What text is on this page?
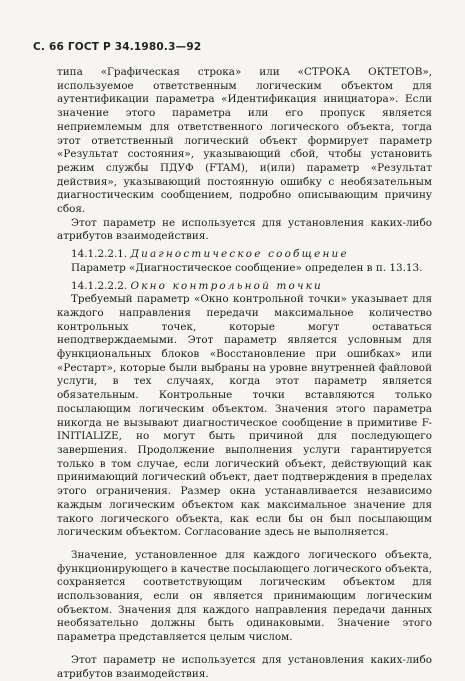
С. 66 ГОСТ Р 34.1980.3—92

типа «Графическая строка» или «СТРОКА ОКТЕТОВ», используемое ответственным логическим объектом для аутентификации параметра «Идентификация инициатора». Если значение этого параметра или его пропуск является неприемлемым для ответственного логического объекта, тогда этот ответственный логический объект формирует параметр «Результат состояния», указывающий сбой, чтобы установить режим службы ПДУФ (FTAM), и(или) параметр «Результат действия», указывающий постоянную ошибку с необязательным диагностическим сообщением, подробно описывающим причину сбоя.

Этот параметр не используется для установления каких-либо атрибутов взаимодействия.

14.1.2.2.1. Диагностическое сообщение

Параметр «Диагностическое сообщение» определен в п. 13.13.

14.1.2.2.2. Окно контрольной точки

Требуемый параметр «Окно контрольной точки» указывает для каждого направления передачи максимальное количество контрольных точек, которые могут оставаться неподтверждаемыми. Этот параметр является условным для функциональных блоков «Восстановление при ошибках» или «Рестарт», которые были выбраны на уровне внутренней файловой услуги, в тех случаях, когда этот параметр является обязательным. Контрольные точки вставляются только посылающим логическим объектом. Значения этого параметра никогда не вызывают диагностическое сообщение в примитиве F-INITIALIZE, но могут быть причиной для последующего завершения. Продолжение выполнения услуги гарантируется только в том случае, если логический объект, действующий как принимающий логический объект, дает подтверждения в пределах этого ограничения. Размер окна устанавливается независимо каждым логическим объектом как максимальное значение для такого логического объекта, как если бы он был посылающим логическим объектом. Согласование здесь не выполняется.

Значение, установленное для каждого логического объекта, функционирующего в качестве посылающего логического объекта, сохраняется соответствующим логическим объектом для использования, если он является принимающим логическим объектом. Значения для каждого направления передачи данных необязательно должны быть одинаковыми. Значение этого параметра представляется целым числом.

Этот параметр не используется для установления каких-либо атрибутов взаимодействия.
